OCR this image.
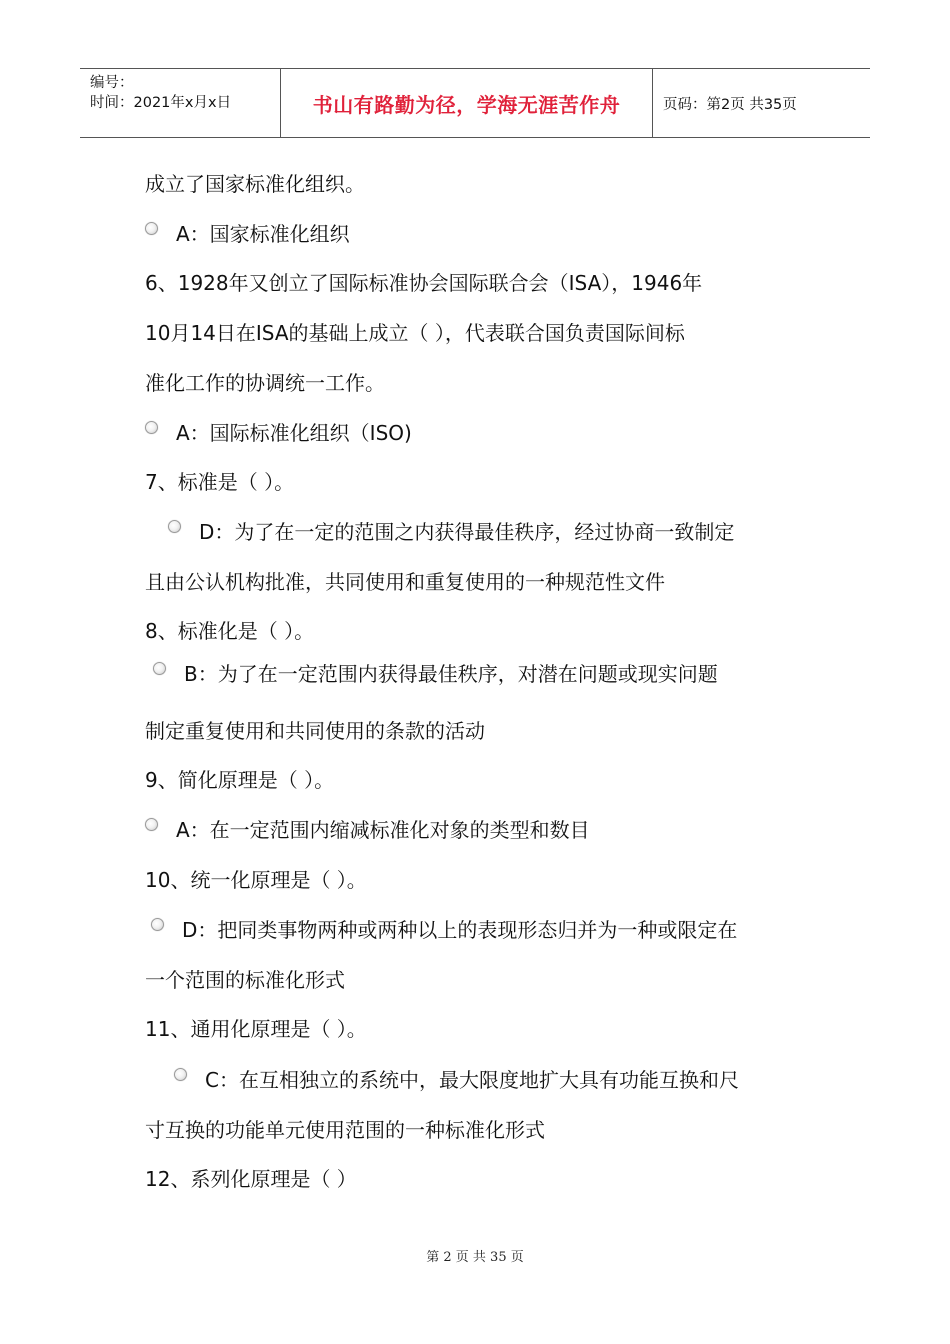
编号：
时间：2021年x月x日	书山有路勤为径，学海无涯苦作舟	页码：第2页 共35页
成立了国家标准化组织。
A：国家标准化组织
6、1928年又创立了国际标准协会国际联合会（ISA），1946年
10月14日在ISA的基础上成立（ ），代表联合国负责国际间标
准化工作的协调统一工作。
A：国际标准化组织（ISO)
7、标准是（ ）。
D：为了在一定的范围之内获得最佳秩序，经过协商一致制定
且由公认机构批准，共同使用和重复使用的一种规范性文件
8、标准化是（ ）。
B：为了在一定范围内获得最佳秩序，对潜在问题或现实问题
制定重复使用和共同使用的条款的活动
9、简化原理是（ ）。
A：在一定范围内缩减标准化对象的类型和数目
10、统一化原理是（ ）。
D：把同类事物两种或两种以上的表现形态归并为一种或限定在
一个范围的标准化形式
11、通用化原理是（ ）。
C：在互相独立的系统中，最大限度地扩大具有功能互换和尺
寸互换的功能单元使用范围的一种标准化形式
12、系列化原理是（ ）
第 2 页 共 35 页
